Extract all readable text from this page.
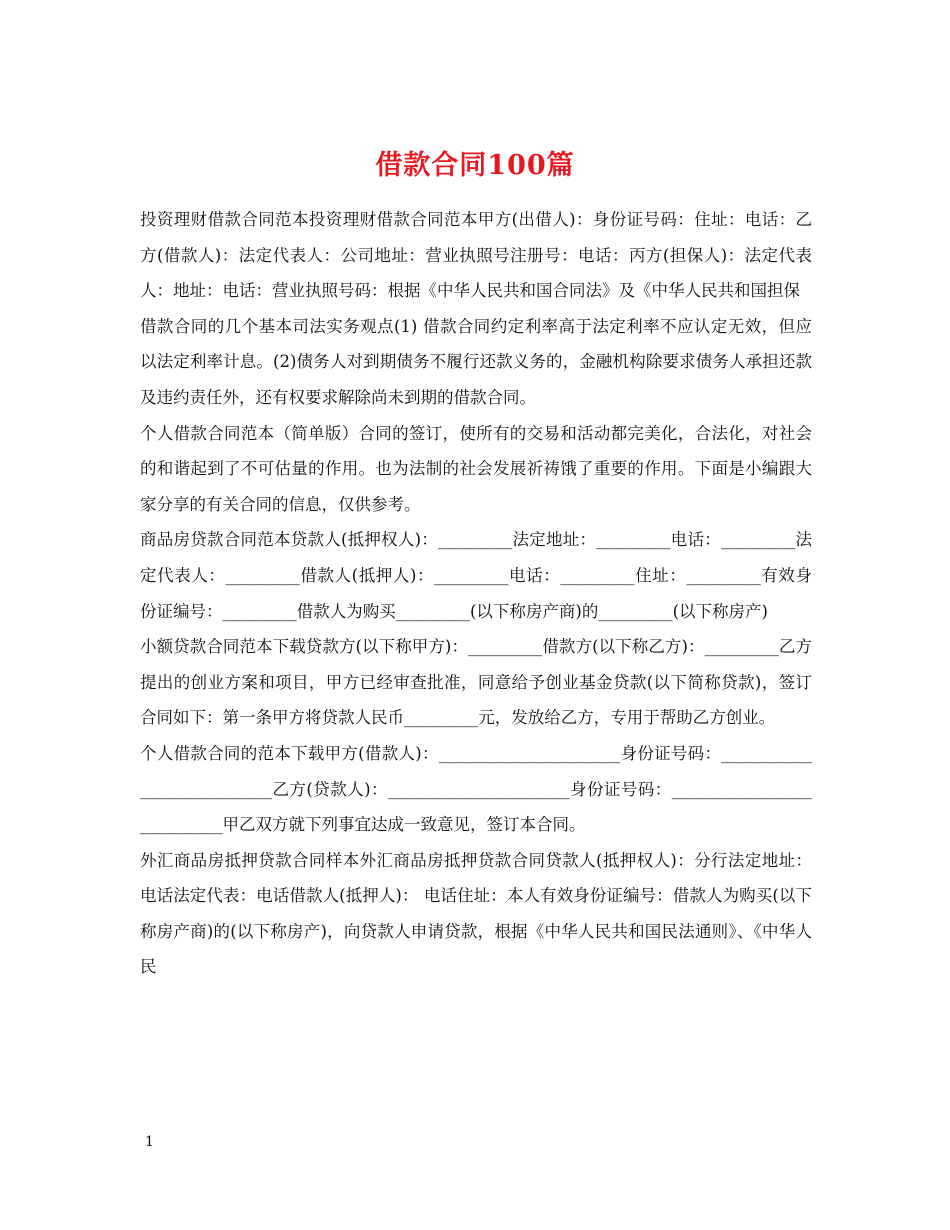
借款合同100篇

投资理财借款合同范本投资理财借款合同范本甲方(出借人)：身份证号码：住址：电话：乙方(借款人)：法定代表人：公司地址：营业执照号注册号：电话：丙方(担保人)：法定代表人：地址：电话：营业执照号码：根据《中华人民共和国合同法》及《中华人民共和国担保

借款合同的几个基本司法实务观点(1) 借款合同约定利率高于法定利率不应认定无效，但应以法定利率计息。(2)债务人对到期债务不履行还款义务的，金融机构除要求债务人承担还款及违约责任外，还有权要求解除尚未到期的借款合同。

个人借款合同范本（简单版）合同的签订，使所有的交易和活动都完美化，合法化，对社会的和谐起到了不可估量的作用。也为法制的社会发展祈祷饿了重要的作用。下面是小编跟大家分享的有关合同的信息，仅供参考。

商品房贷款合同范本贷款人(抵押权人)：_________法定地址：_________电话：_________法定代表人：_________借款人(抵押人)：_________电话：_________住址：_________有效身份证编号：_________借款人为购买_________(以下称房产商)的_________(以下称房产)

小额贷款合同范本下载贷款方(以下称甲方)：_________借款方(以下称乙方)：_________乙方提出的创业方案和项目，甲方已经审查批准，同意给予创业基金贷款(以下简称贷款)，签订合同如下：第一条甲方将贷款人民币_________元，发放给乙方，专用于帮助乙方创业。

个人借款合同的范本下载甲方(借款人)：______________________身份证号码：___________________________乙方(贷款人)：______________________身份证号码：___________________________甲乙双方就下列事宜达成一致意见，签订本合同。

外汇商品房抵押贷款合同样本外汇商品房抵押贷款合同贷款人(抵押权人)：分行法定地址：电话法定代表：电话借款人(抵押人)： 电话住址：本人有效身份证编号：借款人为购买(以下称房产商)的(以下称房产)，向贷款人申请贷款，根据《中华人民共和国民法通则》、《中华人民

1
